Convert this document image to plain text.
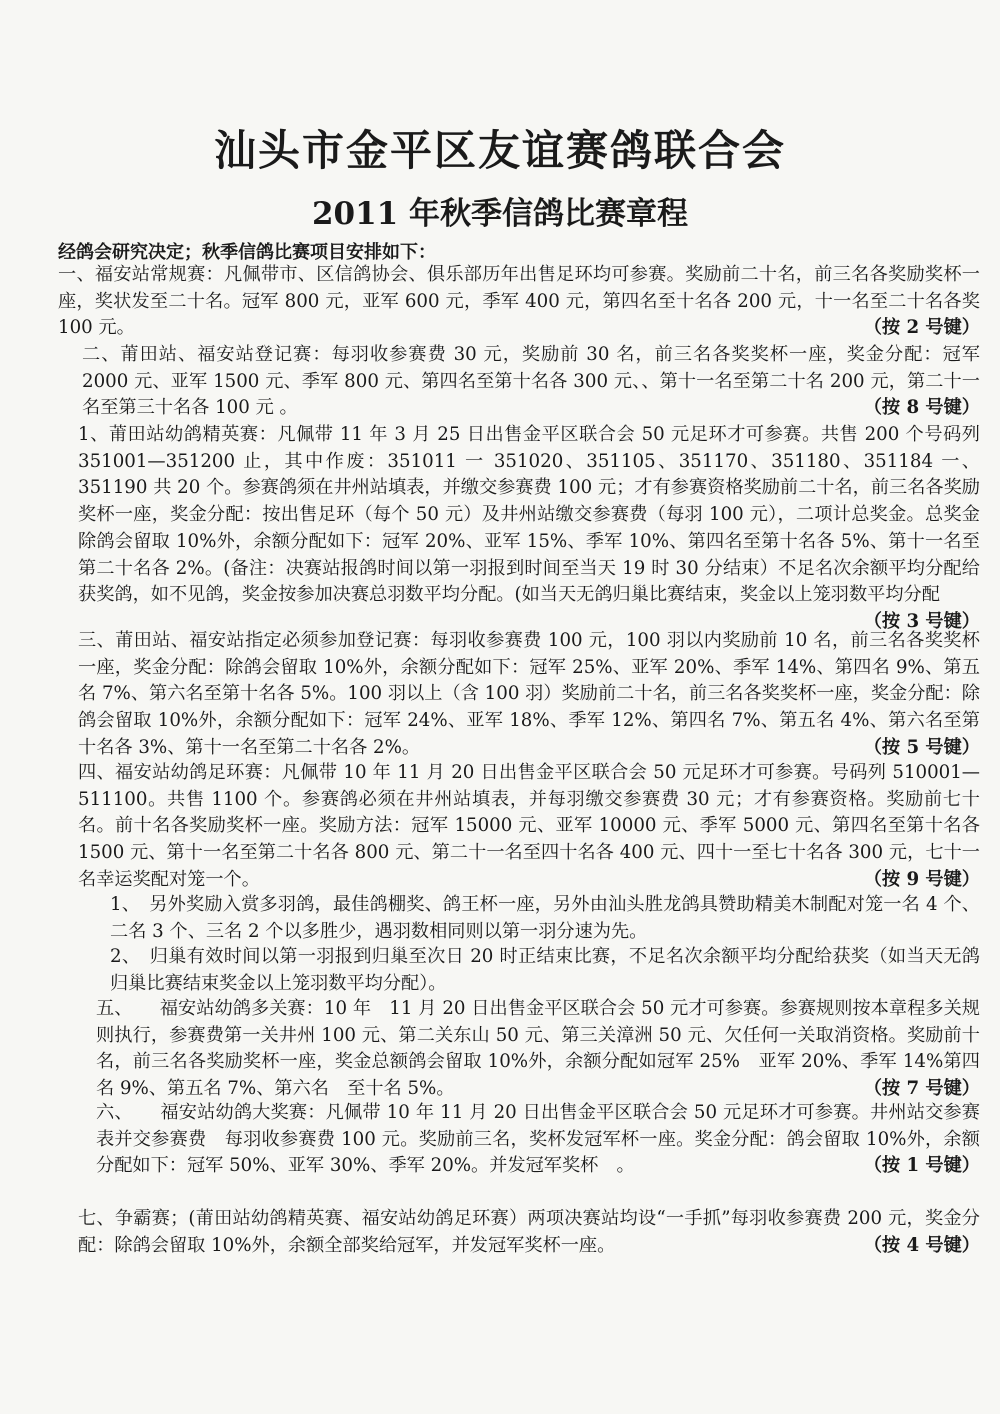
汕头市金平区友谊赛鸽联合会
2011 年秋季信鸽比赛章程
经鸽会研究决定；秋季信鸽比赛项目安排如下：
一、福安站常规赛：凡佩带市、区信鸽协会、俱乐部历年出售足环均可参赛。奖励前二十名，前三名各奖励奖杯一座，奖状发至二十名。冠军 800 元，亚军 600 元，季军 400 元，第四名至十名各 200 元，十一名至二十名各奖 100 元。	（按 2 号键）
二、莆田站、福安站登记赛：每羽收参赛费 30 元，奖励前 30 名，前三名各奖奖杯一座，奖金分配：冠军 2000 元、亚军 1500 元、季军 800 元、第四名至第十名各 300 元、、第十一名至第二十名 200 元，第二十一名至第三十名各 100 元 。	（按 8 号键）
1、莆田站幼鸽精英赛：凡佩带 11 年 3 月 25 日出售金平区联合会 50 元足环才可参赛。共售 200 个号码列 351001—351200 止，其中作废：351011 一 351020、351105、351170、351180、351184 一、351190 共 20 个。参赛鸽须在井州站填表，并缴交参赛费 100 元；才有参赛资格奖励前二十名，前三名各奖励奖杯一座，奖金分配：按出售足环（每个 50 元）及井州站缴交参赛费（每羽 100 元），二项计总奖金。总奖金除鸽会留取 10%外，余额分配如下：冠军 20%、亚军 15%、季军 10%、第四名至第十名各 5%、第十一名至第二十名各 2%。(备注：决赛站报鸽时间以第一羽报到时间至当天 19 时 30 分结束）不足名次余额平均分配给获奖鸽，如不见鸽，奖金按参加决赛总羽数平均分配。(如当天无鸽归巢比赛结束，奖金以上笼羽数平均分配
（按 3 号键）
三、莆田站、福安站指定必须参加登记赛：每羽收参赛费 100 元，100 羽以内奖励前 10 名，前三名各奖奖杯一座，奖金分配：除鸽会留取 10%外，余额分配如下：冠军 25%、亚军 20%、季军 14%、第四名 9%、第五名 7%、第六名至第十名各 5%。100 羽以上（含 100 羽）奖励前二十名，前三名各奖奖杯一座，奖金分配：除鸽会留取 10%外，余额分配如下：冠军 24%、亚军 18%、季军 12%、第四名 7%、第五名 4%、第六名至第十名各 3%、第十一名至第二十名各 2%。	（按 5 号键）
四、福安站幼鸽足环赛：凡佩带 10 年 11 月 20 日出售金平区联合会 50 元足环才可参赛。号码列 510001—511100。共售 1100 个。参赛鸽必须在井州站填表，并每羽缴交参赛费 30 元；才有参赛资格。奖励前七十名。前十名各奖励奖杯一座。奖励方法：冠军 15000 元、亚军 10000 元、季军 5000 元、第四名至第十名各 1500 元、第十一名至第二十名各 800 元、第二十一名至四十名各 400 元、四十一至七十名各 300 元，七十一名幸运奖配对笼一个。	（按 9 号键）
1、　另外奖励入赏多羽鸽，最佳鸽棚奖、鸽王杯一座，另外由汕头胜龙鸽具赞助精美木制配对笼一名 4 个、二名 3 个、三名 2 个以多胜少，遇羽数相同则以第一羽分速为先。
2、　归巢有效时间以第一羽报到归巢至次日 20 时正结束比赛，不足名次余额平均分配给获奖（如当天无鸽归巢比赛结束奖金以上笼羽数平均分配）。
五、　　福安站幼鸽多关赛：10 年　11 月 20 日出售金平区联合会 50 元才可参赛。参赛规则按本章程多关规则执行，参赛费第一关井州 100 元、第二关东山 50 元、第三关漳洲 50 元、欠任何一关取消资格。奖励前十名，前三名各奖励奖杯一座，奖金总额鸽会留取 10%外，余额分配如冠军 25%　亚军 20%、季军 14%第四名 9%、第五名 7%、第六名　至十名 5%。	（按 7 号键）
六、　　福安站幼鸽大奖赛：凡佩带 10 年 11 月 20 日出售金平区联合会 50 元足环才可参赛。井州站交参赛表并交参赛费　每羽收参赛费 100 元。奖励前三名，奖杯发冠军杯一座。奖金分配：鸽会留取 10%外，余额分配如下：冠军 50%、亚军 30%、季军 20%。并发冠军奖杯　。	（按 1 号键）
七、争霸赛；(莆田站幼鸽精英赛、福安站幼鸽足环赛）两项决赛站均设“一手抓”每羽收参赛费 200 元，奖金分配：除鸽会留取 10%外，余额全部奖给冠军，并发冠军奖杯一座。	（按 4 号键）
